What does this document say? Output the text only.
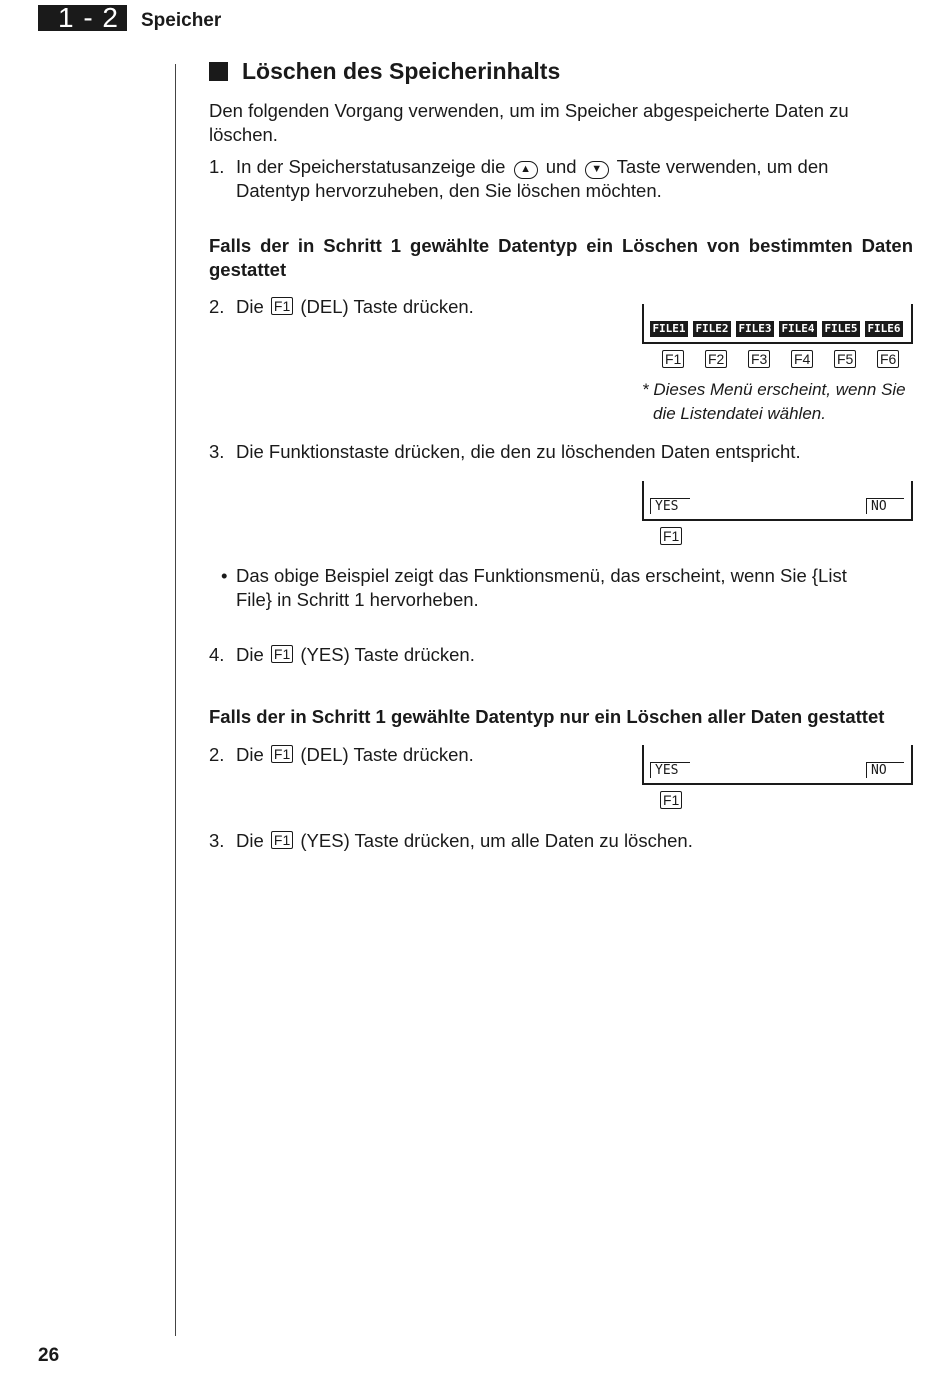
1 - 2	Speicher
26
Löschen des Speicherinhalts
Den folgenden Vorgang verwenden, um im Speicher abgespeicherte Daten zu
löschen.
1. In der Speicherstatusanzeige die ▲ und ▼ Taste verwenden, um den
Datentyp hervorzuheben, den Sie löschen möchten.
Falls der in Schritt 1 gewählte Datentyp ein Löschen von bestimmten Daten
gestattet
2. Die F1 (DEL) Taste drücken.
FILE1 FILE2 FILE3 FILE4 FILE5 FILE6
F1 F2 F3 F4 F5 F6
* Dieses Menü erscheint, wenn Sie
die Listendatei wählen.
3. Die Funktionstaste drücken, die den zu löschenden Daten entspricht.
YES	NO
F1
• Das obige Beispiel zeigt das Funktionsmenü, das erscheint, wenn Sie {List
File} in Schritt 1 hervorheben.
4. Die F1 (YES) Taste drücken.
Falls der in Schritt 1 gewählte Datentyp nur ein Löschen aller Daten gestattet
2. Die F1 (DEL) Taste drücken.
YES	NO
F1
3. Die F1 (YES) Taste drücken, um alle Daten zu löschen.
